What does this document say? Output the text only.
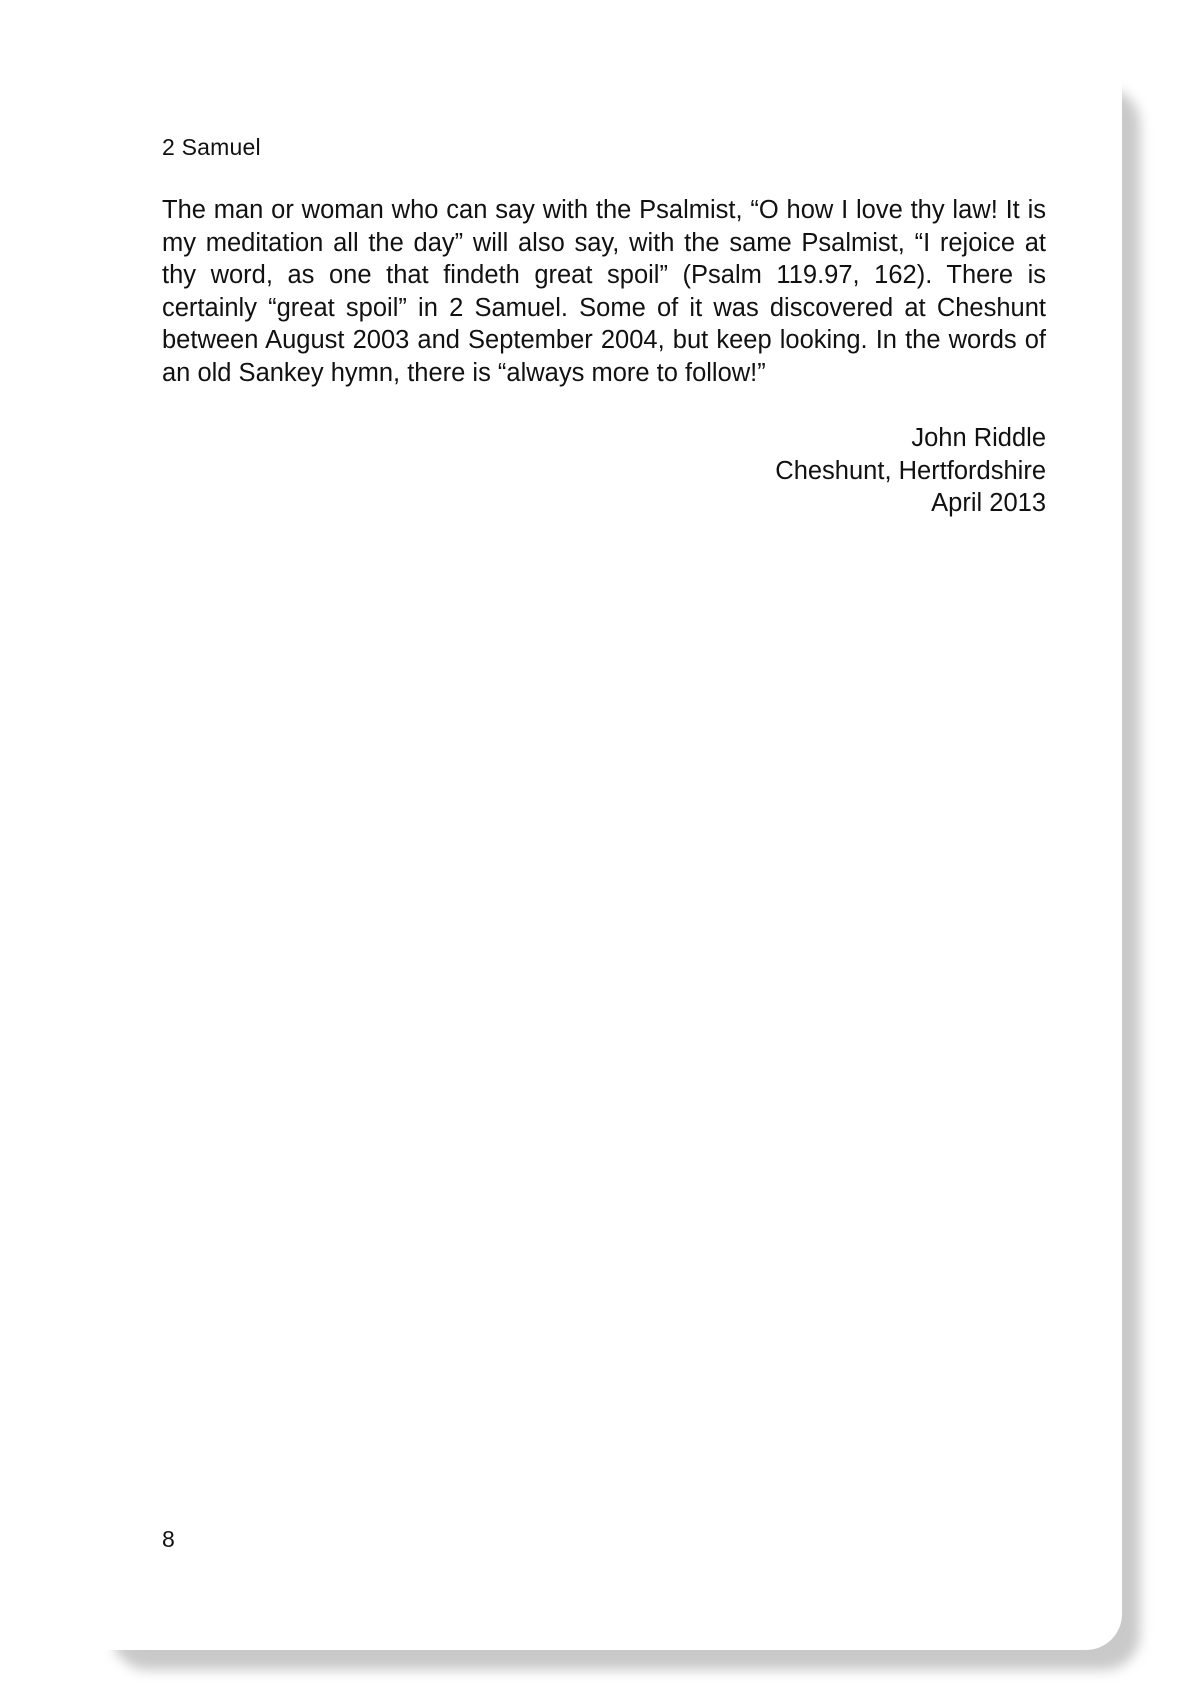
2 Samuel

The man or woman who can say with the Psalmist, “O how I love thy law! It is my meditation all the day” will also say, with the same Psalmist, “I rejoice at thy word, as one that findeth great spoil” (Psalm 119.97, 162). There is certainly “great spoil” in 2 Samuel. Some of it was discovered at Cheshunt between August 2003 and September 2004, but keep looking. In the words of an old Sankey hymn, there is “always more to follow!”

John Riddle
Cheshunt, Hertfordshire
April 2013

8
